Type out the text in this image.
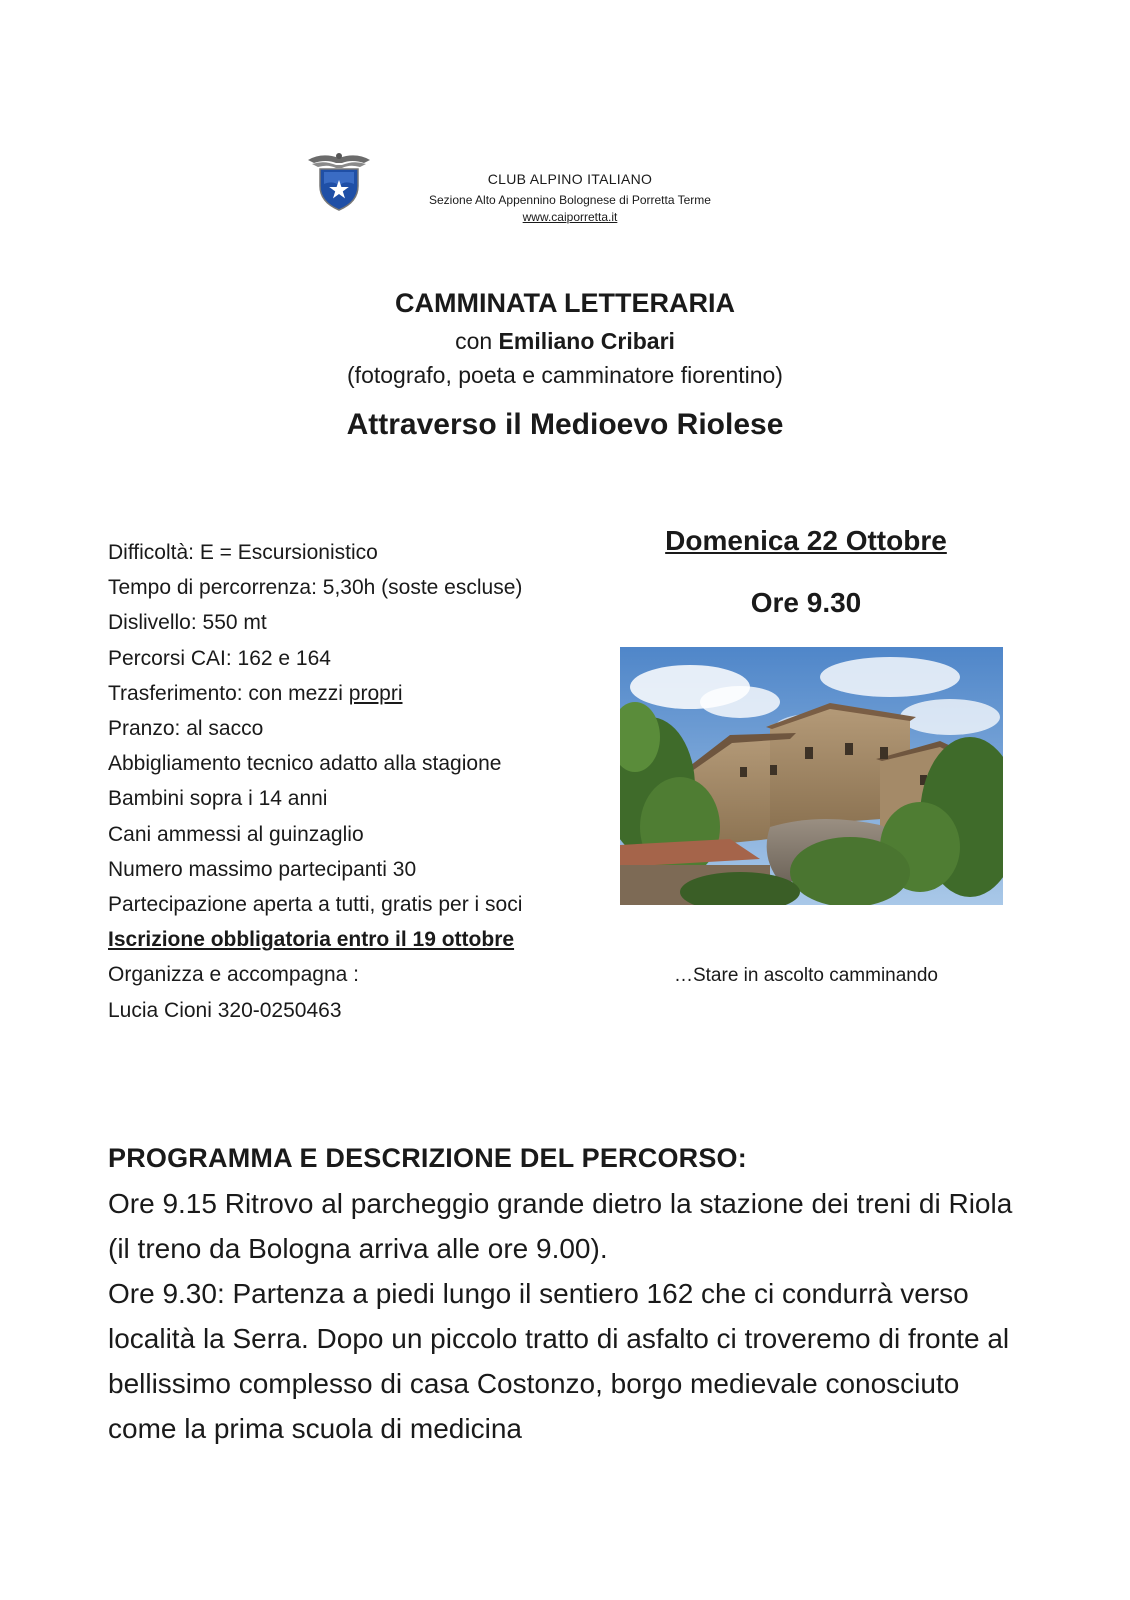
CLUB ALPINO ITALIANO
Sezione Alto Appennino Bolognese di Porretta Terme
www.caiporretta.it
CAMMINATA LETTERARIA
con Emiliano Cribari
(fotografo, poeta e camminatore fiorentino)
Attraverso il Medioevo Riolese
Difficoltà: E = Escursionistico
Tempo di percorrenza: 5,30h (soste escluse)
Dislivello: 550 mt
Percorsi CAI: 162 e 164
Trasferimento: con mezzi propri
Pranzo: al sacco
Abbigliamento tecnico adatto alla stagione
Bambini sopra i 14 anni
Cani ammessi al guinzaglio
Numero massimo partecipanti 30
Partecipazione aperta a tutti, gratis per i soci
Iscrizione obbligatoria entro il 19 ottobre
Organizza e accompagna :
Lucia Cioni 320-0250463
Domenica 22 Ottobre
Ore 9.30
…Stare in ascolto camminando
PROGRAMMA E DESCRIZIONE DEL PERCORSO:

Ore 9.15 Ritrovo al parcheggio grande dietro la stazione dei treni di Riola (il treno da Bologna arriva alle ore 9.00).

Ore 9.30: Partenza a piedi lungo il sentiero 162 che ci condurrà verso località la Serra. Dopo un piccolo tratto di asfalto ci troveremo di fronte al bellissimo complesso di casa Costonzo, borgo medievale conosciuto come la prima scuola di medicina
